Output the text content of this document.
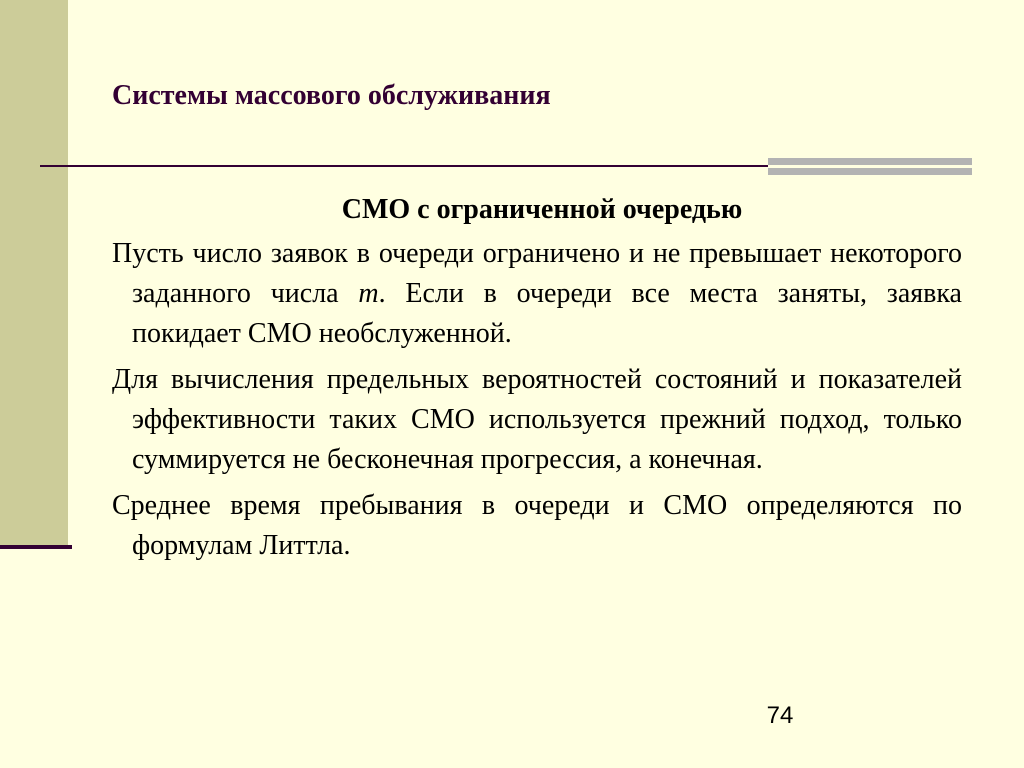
Системы массового обслуживания

СМО с ограниченной очередью

Пусть число заявок в очереди ограничено и не превышает некоторого заданного числа m. Если в очереди все места заняты, заявка покидает СМО необслуженной.

Для вычисления предельных вероятностей состояний и показателей эффективности таких СМО используется прежний подход, только суммируется не бесконечная прогрессия, а конечная.

Среднее время пребывания в очереди и СМО определяются по формулам Литтла.

74
